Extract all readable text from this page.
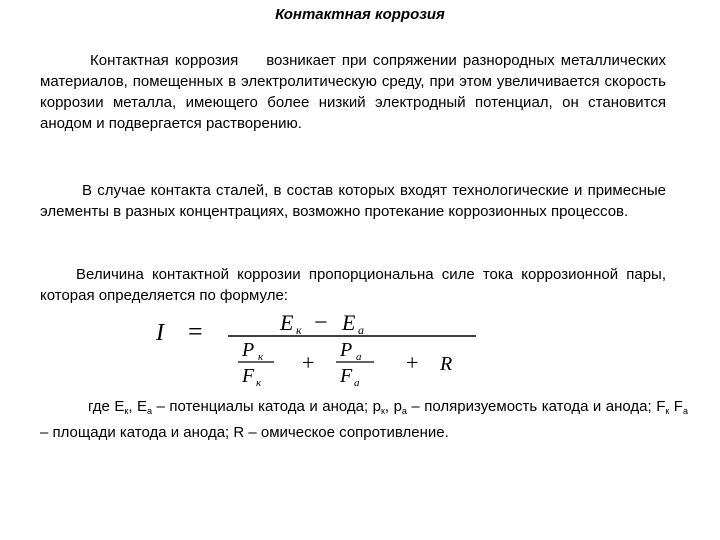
Контактная коррозия

Контактная коррозия возникает при сопряжении разнородных металлических материалов, помещенных в электролитическую среду, при этом увеличивается скорость коррозии металла, имеющего более низкий электродный потенциал, он становится анодом и подвергается растворению.

В случае контакта сталей, в состав которых входят технологические и примесные элементы в разных концентрациях, возможно протекание коррозионных процессов.

Величина контактной коррозии пропорциональна силе тока коррозионной пары, которая определяется по формуле:

I =	E к − E а
P к
F к
+ P а
F а
+ R

где $E_к$, $E_а$ – потенциалы катода и анода; $р_к$, $р_а$ – поляризуемость катода и анода; $F_к$ $F_а$ – площади катода и анода; R – омическое сопротивление.
